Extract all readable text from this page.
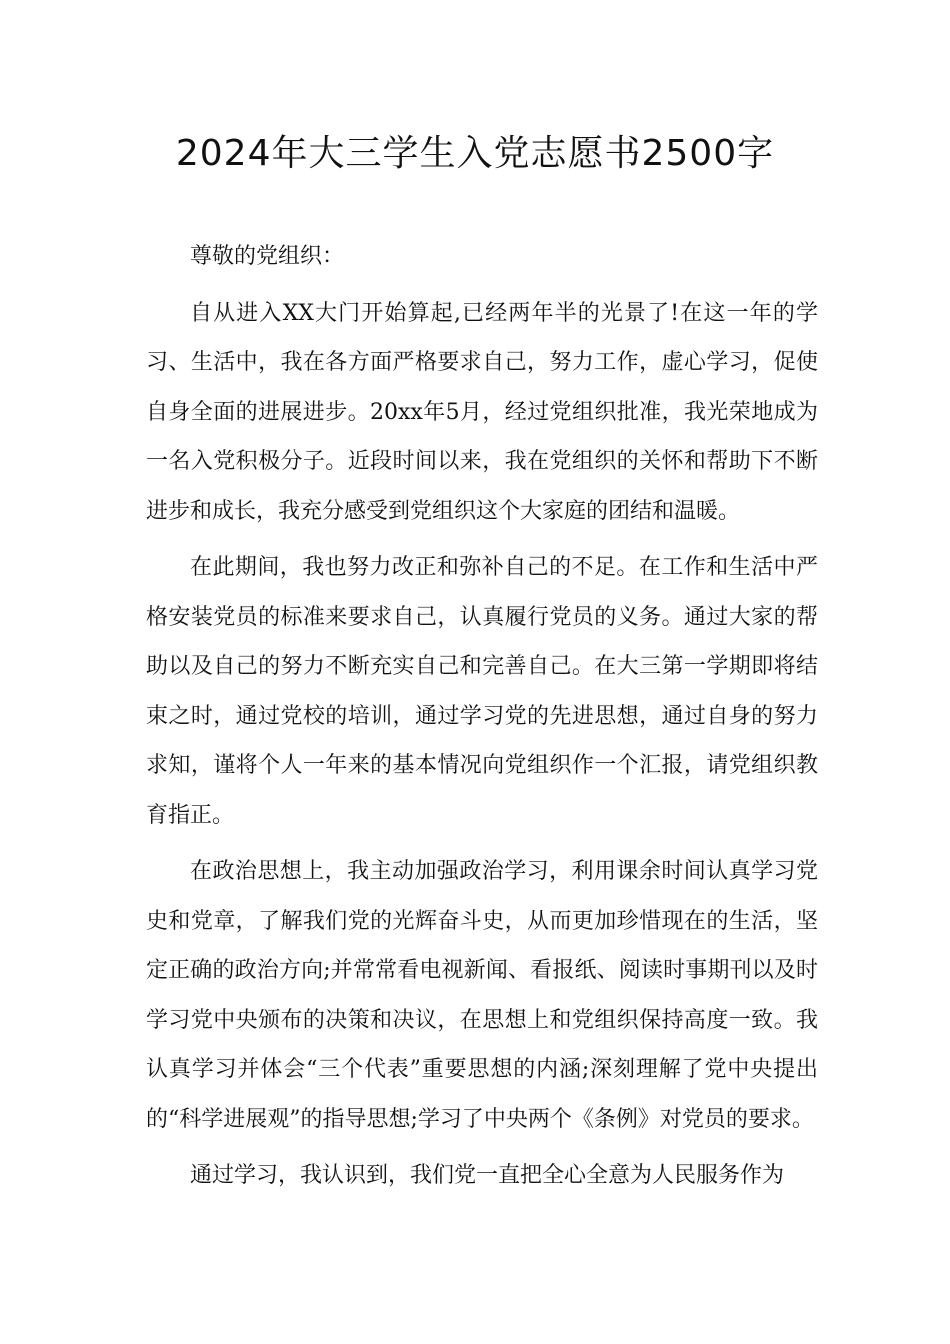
2024年大三学生入党志愿书2500字

尊敬的党组织：

自从进入XX大门开始算起,已经两年半的光景了!在这一年的学习、生活中，我在各方面严格要求自己，努力工作，虚心学习，促使自身全面的进展进步。20xx年5月，经过党组织批准，我光荣地成为一名入党积极分子。近段时间以来，我在党组织的关怀和帮助下不断进步和成长，我充分感受到党组织这个大家庭的团结和温暖。

在此期间，我也努力改正和弥补自己的不足。在工作和生活中严格安装党员的标准来要求自己，认真履行党员的义务。通过大家的帮助以及自己的努力不断充实自己和完善自己。在大三第一学期即将结束之时，通过党校的培训，通过学习党的先进思想，通过自身的努力求知，谨将个人一年来的基本情况向党组织作一个汇报，请党组织教育指正。

在政治思想上，我主动加强政治学习，利用课余时间认真学习党史和党章，了解我们党的光辉奋斗史，从而更加珍惜现在的生活，坚定正确的政治方向;并常常看电视新闻、看报纸、阅读时事期刊以及时学习党中央颁布的决策和决议，在思想上和党组织保持高度一致。我认真学习并体会“三个代表”重要思想的内涵;深刻理解了党中央提出的“科学进展观”的指导思想;学习了中央两个《条例》对党员的要求。

通过学习，我认识到，我们党一直把全心全意为人民服务作为
